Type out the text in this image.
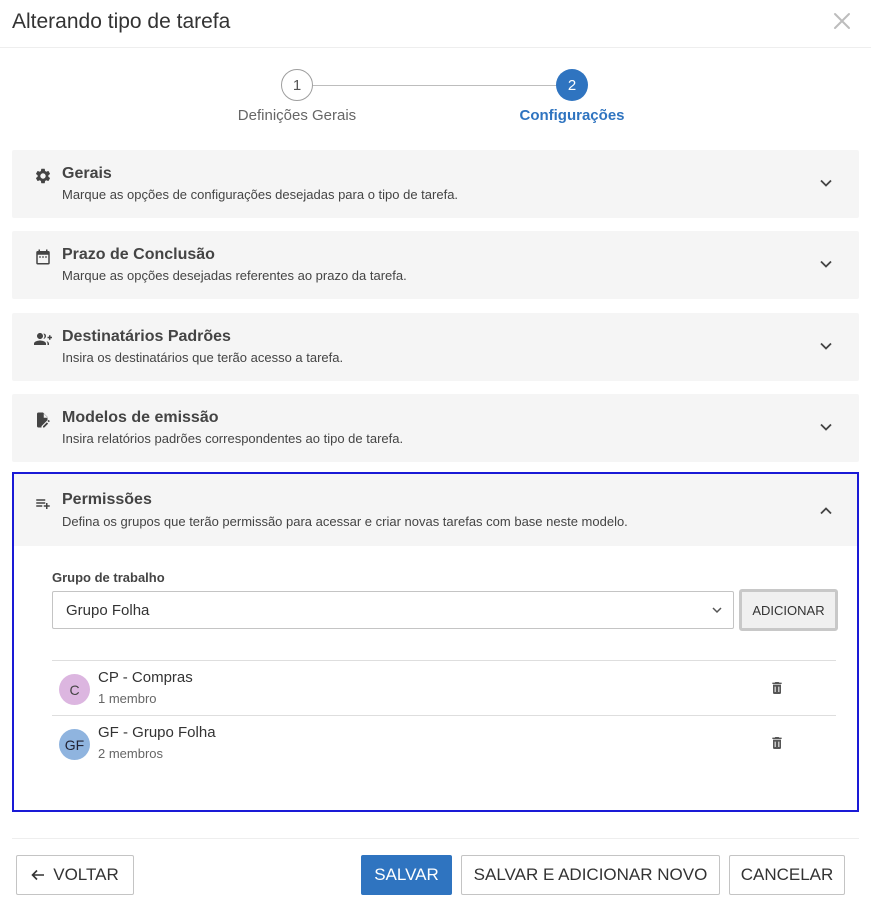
Alterando tipo de tarefa
1	2
Definições Gerais	Configurações
Gerais
Marque as opções de configurações desejadas para o tipo de tarefa.
Prazo de Conclusão
Marque as opções desejadas referentes ao prazo da tarefa.
Destinatários Padrões
Insira os destinatários que terão acesso a tarefa.
Modelos de emissão
Insira relatórios padrões correspondentes ao tipo de tarefa.
Permissões
Defina os grupos que terão permissão para acessar e criar novas tarefas com base neste modelo.
Grupo de trabalho
Grupo Folha	ADICIONAR
C
CP - Compras
1 membro
GF
GF - Grupo Folha
2 membros
VOLTAR	SALVAR	SALVAR E ADICIONAR NOVO	CANCELAR
